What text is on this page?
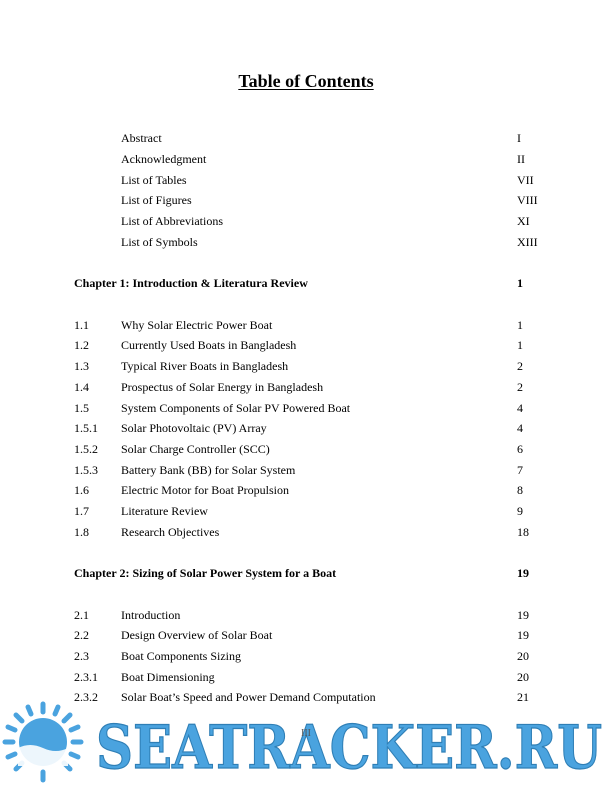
Table of Contents
Abstract	I
Acknowledgment	II
List of Tables	VII
List of Figures	VIII
List of Abbreviations	XI
List of Symbols	XIII
Chapter 1: Introduction & Literatura Review	1
1.1	Why Solar Electric Power Boat	1
1.2	Currently Used Boats in Bangladesh	1
1.3	Typical River Boats in Bangladesh	2
1.4	Prospectus of Solar Energy in Bangladesh	2
1.5	System Components of Solar PV Powered Boat	4
1.5.1 Solar Photovoltaic (PV) Array	4
1.5.2 Solar Charge Controller (SCC)	6
1.5.3 Battery Bank (BB) for Solar System	7
1.6	Electric Motor for Boat Propulsion	8
1.7	Literature Review	9
1.8	Research Objectives	18
Chapter 2: Sizing of Solar Power System for a Boat	19
2.1	Introduction	19
2.2	Design Overview of Solar Boat	19
2.3	Boat Components Sizing	20
2.3.1 Boat Dimensioning	20
2.3.2 Solar Boat’s Speed and Power Demand Computation	21
SEATRACKER.RU
III
